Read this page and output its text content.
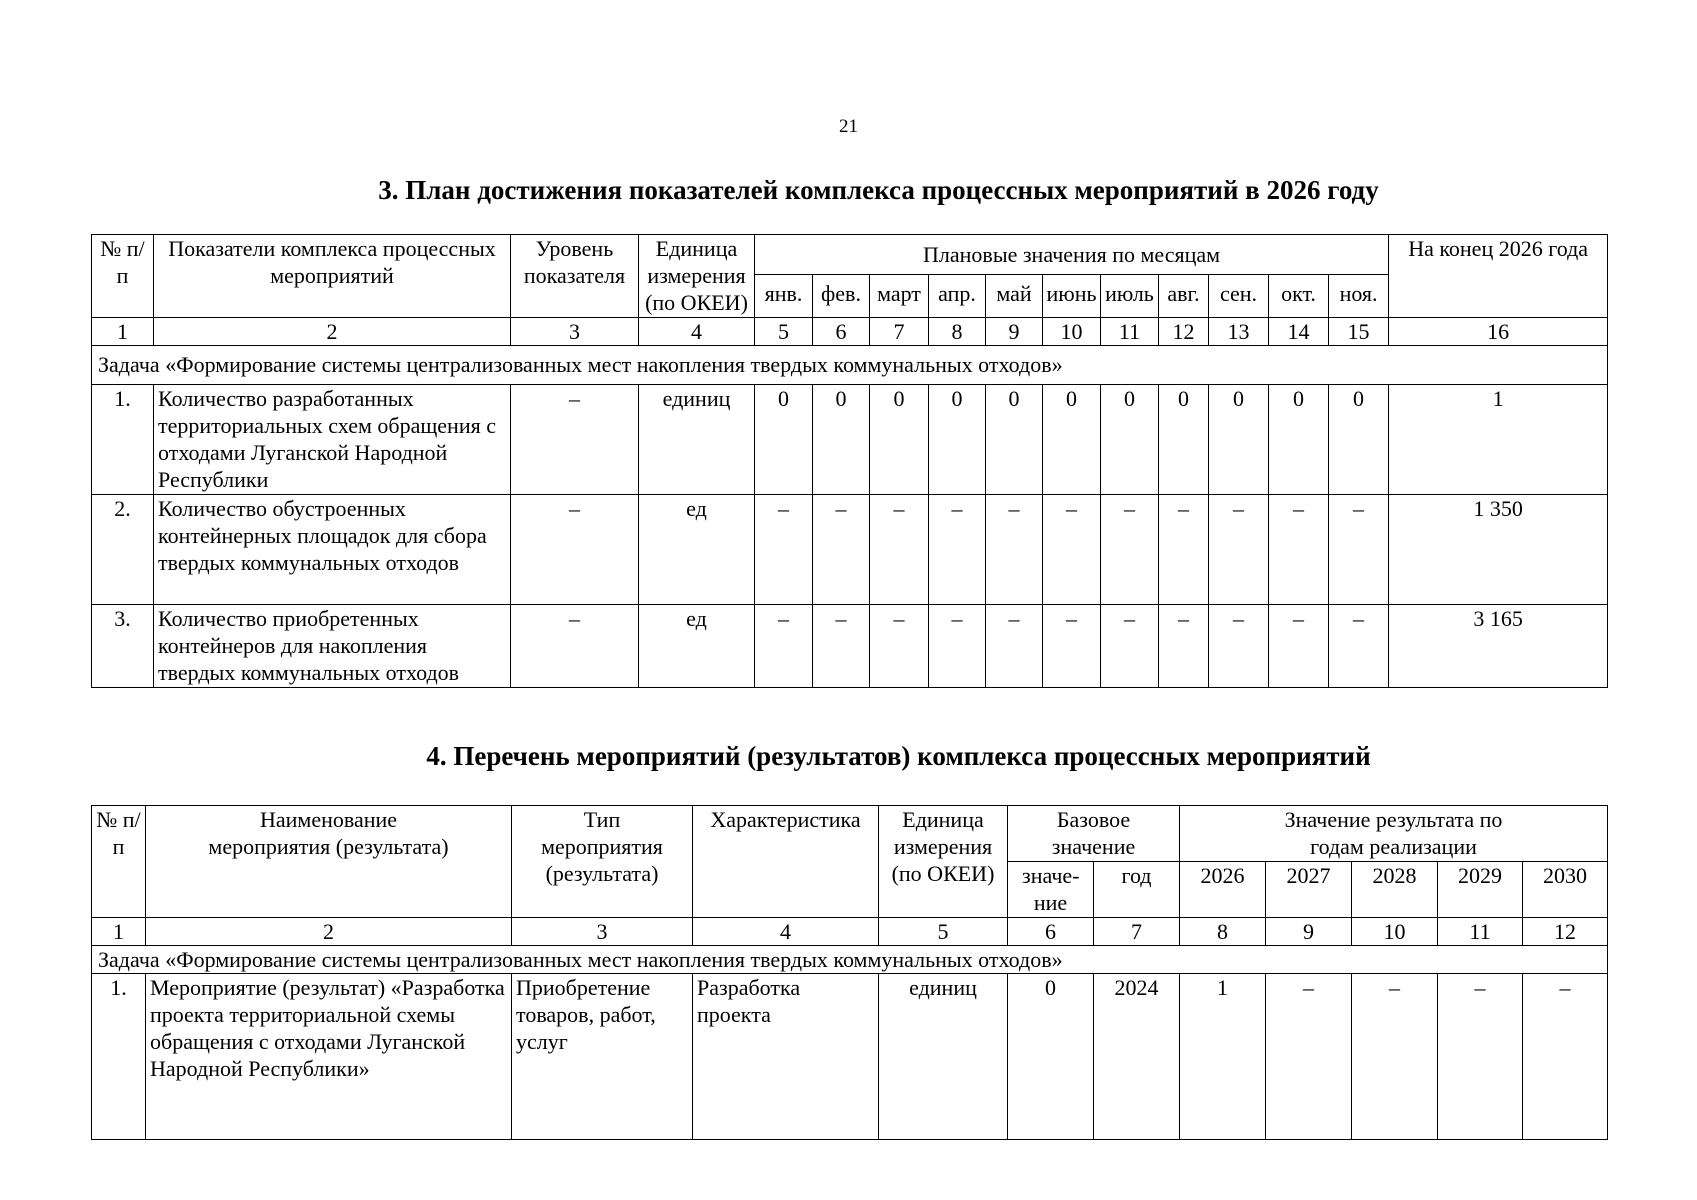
21
3. План достижения показателей комплекса процессных мероприятий в 2026 году
№ п/п	Показатели комплекса процессных мероприятий	Уровень показателя	Единица измерения (по ОКЕИ)	Плановые значения по месяцам											На конец 2026 года
				янв.	фев.	март	апр.	май	июнь	июль	авг.	сен.	окт.	ноя.	
1	2	3	4	5	6	7	8	9	10	11	12	13	14	15	16
Задача «Формирование системы централизованных мест накопления твердых коммунальных отходов»															
1.	Количество разработанных территориальных схем обращения с отходами Луганской Народной Республики	–	единиц	0	0	0	0	0	0	0	0	0	0	0	1
2.	Количество обустроенных контейнерных площадок для сбора твердых коммунальных отходов	–	ед	–	–	–	–	–	–	–	–	–	–	–	1 350
3.	Количество приобретенных контейнеров для накопления твердых коммунальных отходов	–	ед	–	–	–	–	–	–	–	–	–	–	–	3 165
4. Перечень мероприятий (результатов) комплекса процессных мероприятий
№ п/п	Наименование мероприятия (результата)	Тип мероприятия (результата)	Характеристика	Единица измерения (по ОКЕИ)	Базовое значение		Значение результата по годам реализации				
					значе-ние	год	2026	2027	2028	2029	2030
1	2	3	4	5	6	7	8	9	10	11	12
Задача «Формирование системы централизованных мест накопления твердых коммунальных отходов»											
1.	Мероприятие (результат) «Разработка проекта территориальной схемы обращения с отходами Луганской Народной Республики»	Приобретение товаров, работ, услуг	Разработка проекта	единиц	0	2024	1	–	–	–	–
